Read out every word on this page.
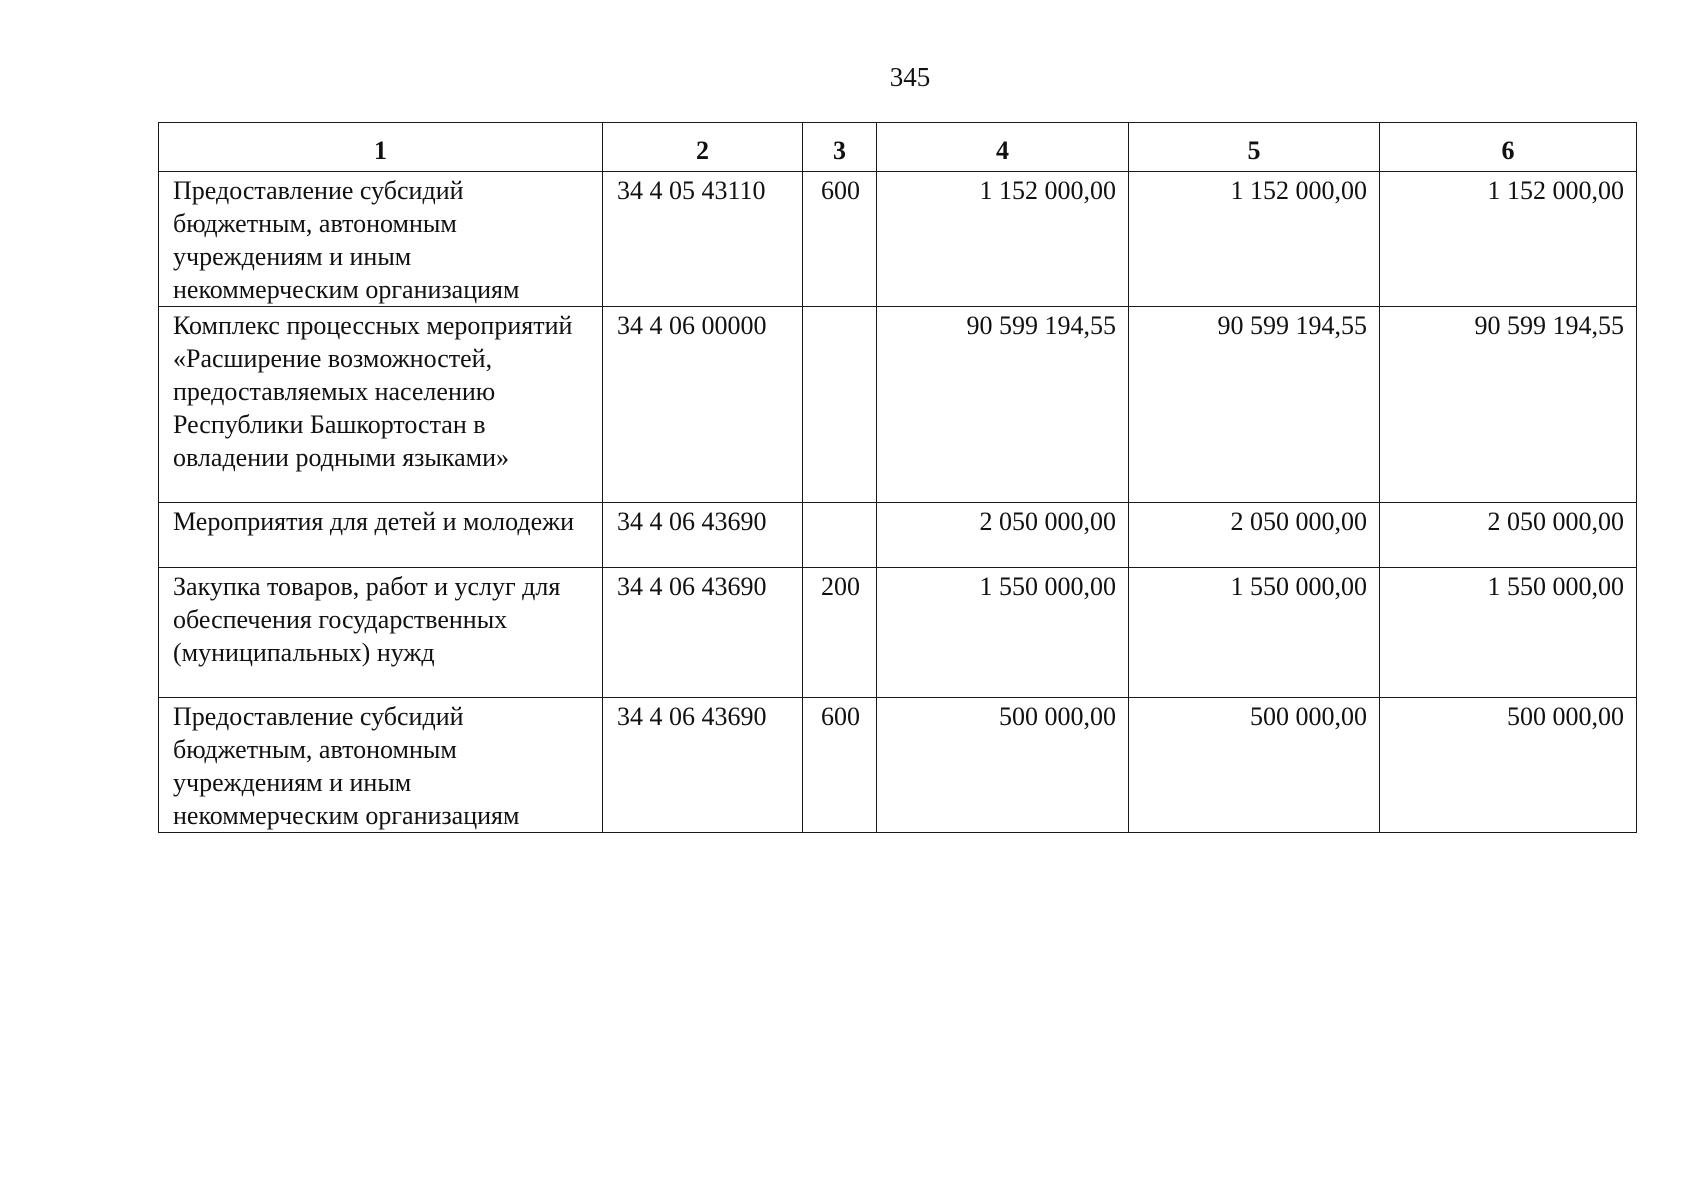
345
1	2	3	4	5	6
Предоставление субсидий бюджетным, автономным учреждениям и иным некоммерческим организациям	34 4 05 43110	600	1 152 000,00	1 152 000,00	1 152 000,00
Комплекс процессных мероприятий «Расширение возможностей, предоставляемых населению Республики Башкортостан в овладении родными языками»	34 4 06 00000		90 599 194,55	90 599 194,55	90 599 194,55
Мероприятия для детей и молодежи	34 4 06 43690		2 050 000,00	2 050 000,00	2 050 000,00
Закупка товаров, работ и услуг для обеспечения государственных (муниципальных) нужд	34 4 06 43690	200	1 550 000,00	1 550 000,00	1 550 000,00
Предоставление субсидий бюджетным, автономным учреждениям и иным некоммерческим организациям	34 4 06 43690	600	500 000,00	500 000,00	500 000,00
